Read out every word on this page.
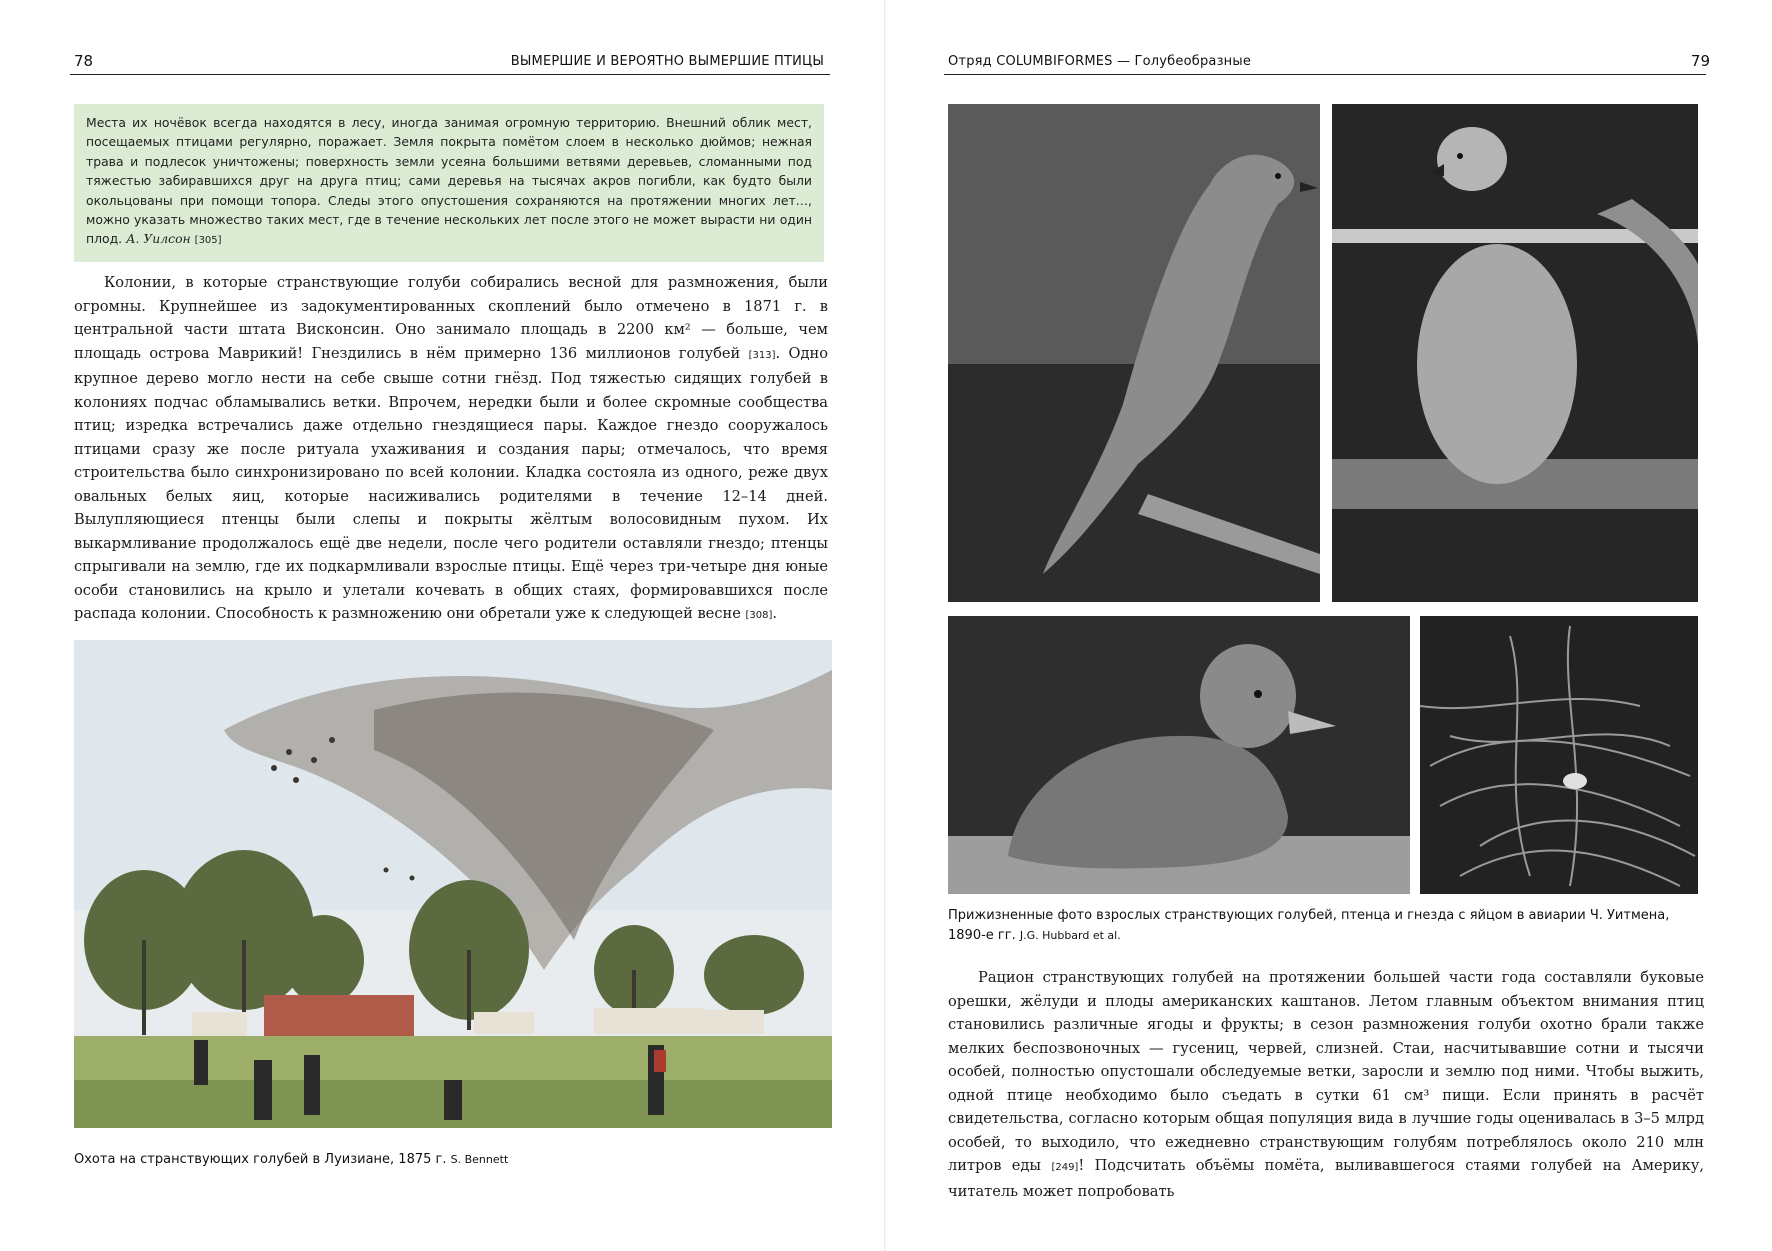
78	ВЫМЕРШИЕ И ВЕРОЯТНО ВЫМЕРШИЕ ПТИЦЫ

Места их ночёвок всегда находятся в лесу, иногда занимая огромную территорию. Внешний облик мест, посещаемых птицами регулярно, поражает. Земля покрыта помётом слоем в несколько дюймов; нежная трава и подлесок уничтожены; поверхность земли усеяна большими ветвями деревьев, сломанными под тяжестью забиравшихся друг на друга птиц; сами деревья на тысячах акров погибли, как будто были окольцованы при помощи топора. Следы этого опустошения сохраняются на протяжении многих лет…, можно указать множество таких мест, где в течение нескольких лет после этого не может вырасти ни один плод. А. Уилсон [305]

Колонии, в которые странствующие голуби собирались весной для размножения, были огромны. Крупнейшее из задокументированных скоплений было отмечено в 1871 г. в центральной части штата Висконсин. Оно занимало площадь в 2200 км² — больше, чем площадь острова Маврикий! Гнездились в нём примерно 136 миллионов голубей [313]. Одно крупное дерево могло нести на себе свыше сотни гнёзд. Под тяжестью сидящих голубей в колониях подчас обламывались ветки. Впрочем, нередки были и более скромные сообщества птиц; изредка встречались даже отдельно гнездящиеся пары. Каждое гнездо сооружалось птицами сразу же после ритуала ухаживания и создания пары; отмечалось, что время строительства было синхронизировано по всей колонии. Кладка состояла из одного, реже двух овальных белых яиц, которые насиживались родителями в течение 12–14 дней. Вылупляющиеся птенцы были слепы и покрыты жёлтым волосовидным пухом. Их выкармливание продолжалось ещё две недели, после чего родители оставляли гнездо; птенцы спрыгивали на землю, где их подкармливали взрослые птицы. Ещё через три-четыре дня юные особи становились на крыло и улетали кочевать в общих стаях, формировавшихся после распада колонии. Способность к размножению они обретали уже к следующей весне [308].

Охота на странствующих голубей в Луизиане, 1875 г. S. Bennett
Отряд COLUMBIFORMES — Голубеобразные	79
Прижизненные фото взрослых странствующих голубей, птенца и гнезда с яйцом в авиарии Ч. Уитмена, 1890-е гг. J.G. Hubbard et al.

Рацион странствующих голубей на протяжении большей части года составляли буковые орешки, жёлуди и плоды американских каштанов. Летом главным объектом внимания птиц становились различные ягоды и фрукты; в сезон размножения голуби охотно брали также мелких беспозвоночных — гусениц, червей, слизней. Стаи, насчитывавшие сотни и тысячи особей, полностью опустошали обследуемые ветки, заросли и землю под ними. Чтобы выжить, одной птице необходимо было съедать в сутки 61 см³ пищи. Если принять в расчёт свидетельства, согласно которым общая популяция вида в лучшие годы оценивалась в 3–5 млрд особей, то выходило, что ежедневно странствующим голубям потреблялось около 210 млн литров еды [249]! Подсчитать объёмы помёта, выливавшегося стаями голубей на Америку, читатель может попробовать
